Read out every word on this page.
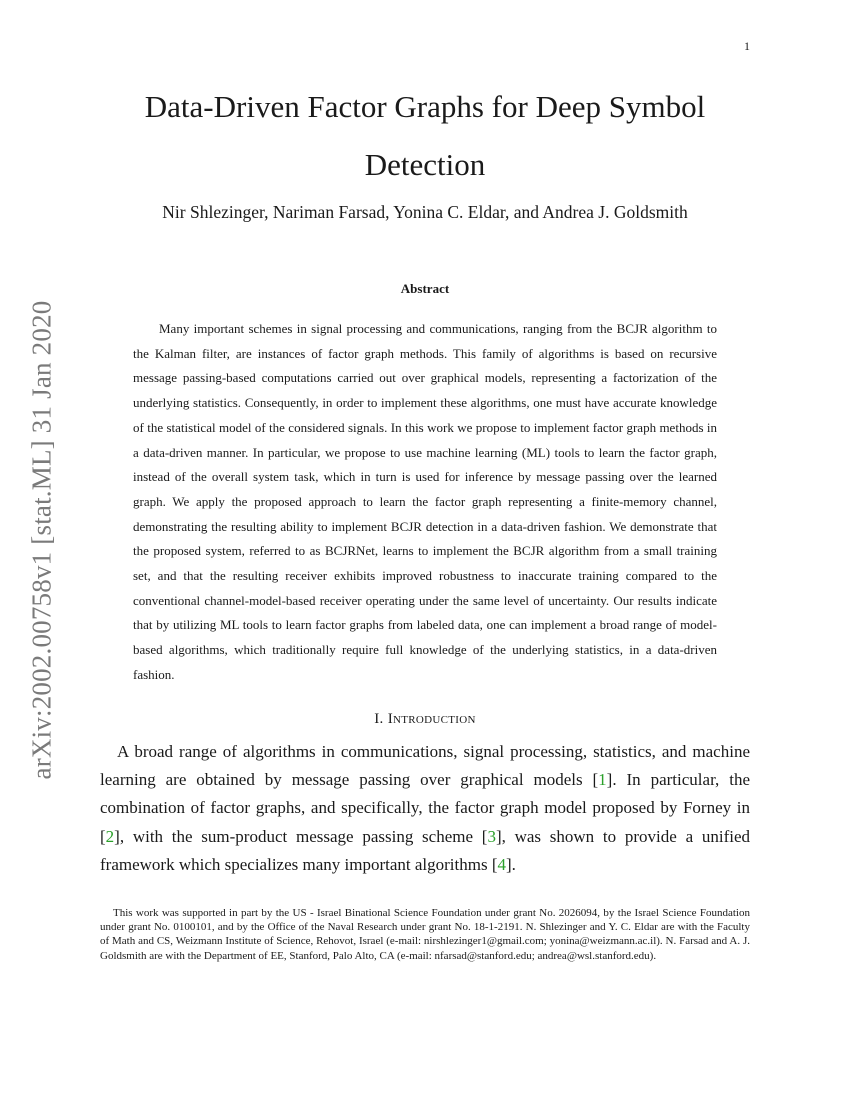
1
arXiv:2002.00758v1 [stat.ML] 31 Jan 2020
Data-Driven Factor Graphs for Deep Symbol Detection
Nir Shlezinger, Nariman Farsad, Yonina C. Eldar, and Andrea J. Goldsmith
Abstract

Many important schemes in signal processing and communications, ranging from the BCJR algorithm to the Kalman filter, are instances of factor graph methods. This family of algorithms is based on recursive message passing-based computations carried out over graphical models, representing a factorization of the underlying statistics. Consequently, in order to implement these algorithms, one must have accurate knowledge of the statistical model of the considered signals. In this work we propose to implement factor graph methods in a data-driven manner. In particular, we propose to use machine learning (ML) tools to learn the factor graph, instead of the overall system task, which in turn is used for inference by message passing over the learned graph. We apply the proposed approach to learn the factor graph representing a finite-memory channel, demonstrating the resulting ability to implement BCJR detection in a data-driven fashion. We demonstrate that the proposed system, referred to as BCJRNet, learns to implement the BCJR algorithm from a small training set, and that the resulting receiver exhibits improved robustness to inaccurate training compared to the conventional channel-model-based receiver operating under the same level of uncertainty. Our results indicate that by utilizing ML tools to learn factor graphs from labeled data, one can implement a broad range of model-based algorithms, which traditionally require full knowledge of the underlying statistics, in a data-driven fashion.

I. Introduction

A broad range of algorithms in communications, signal processing, statistics, and machine learning are obtained by message passing over graphical models [1]. In particular, the combination of factor graphs, and specifically, the factor graph model proposed by Forney in [2], with the sum-product message passing scheme [3], was shown to provide a unified framework which specializes many important algorithms [4].

This work was supported in part by the US - Israel Binational Science Foundation under grant No. 2026094, by the Israel Science Foundation under grant No. 0100101, and by the Office of the Naval Research under grant No. 18-1-2191. N. Shlezinger and Y. C. Eldar are with the Faculty of Math and CS, Weizmann Institute of Science, Rehovot, Israel (e-mail: nirshlezinger1@gmail.com; yonina@weizmann.ac.il). N. Farsad and A. J. Goldsmith are with the Department of EE, Stanford, Palo Alto, CA (e-mail: nfarsad@stanford.edu; andrea@wsl.stanford.edu).
